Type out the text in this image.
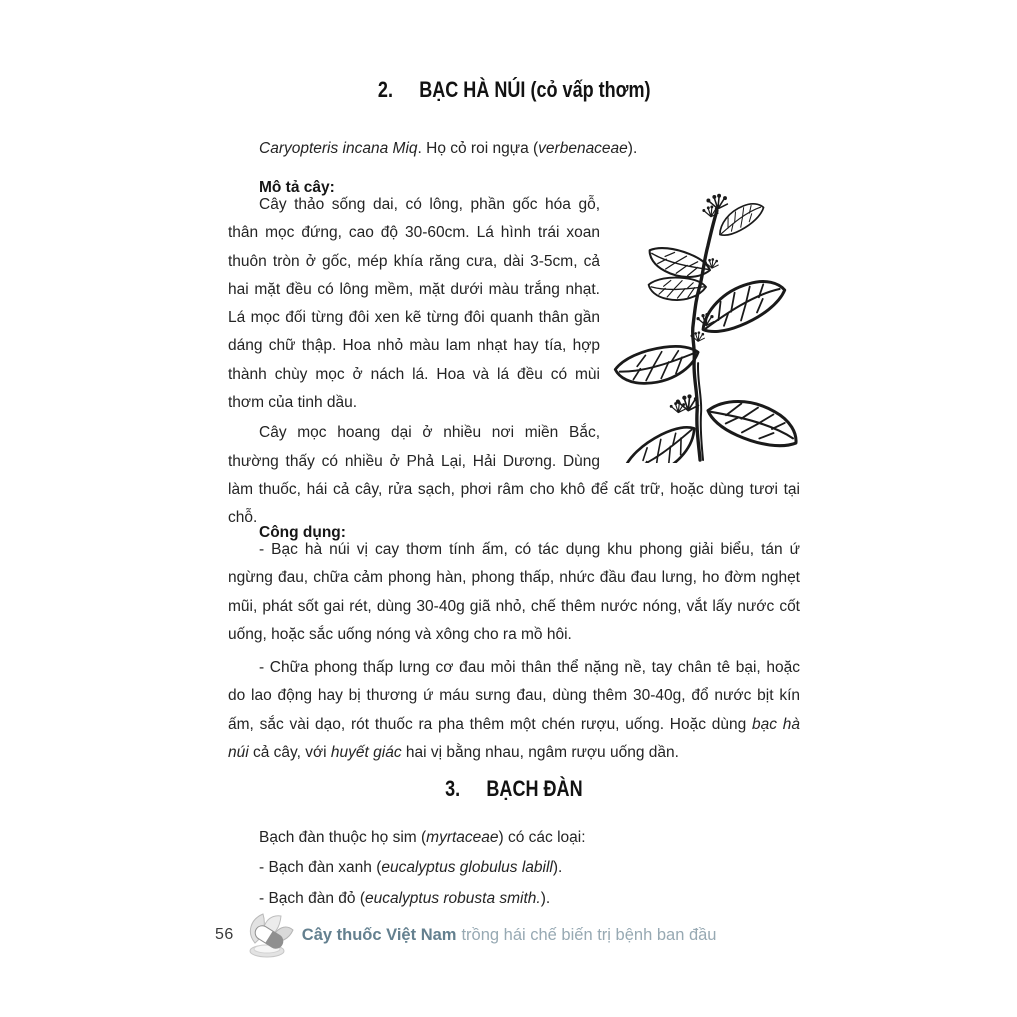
2. BẠC HÀ NÚI (cỏ vấp thơm)

Caryopteris incana Miq. Họ cỏ roi ngựa (verbenaceae).

Mô tả cây:

Cây thảo sống dai, có lông, phần gốc hóa gỗ, thân mọc đứng, cao độ 30-60cm. Lá hình trái xoan thuôn tròn ở gốc, mép khía răng cưa, dài 3-5cm, cả hai mặt đều có lông mềm, mặt dưới màu trắng nhạt. Lá mọc đối từng đôi xen kẽ từng đôi quanh thân gần dáng chữ thập. Hoa nhỏ màu lam nhạt hay tía, hợp thành chùy mọc ở nách lá. Hoa và lá đều có mùi thơm của tinh dầu.

Cây mọc hoang dại ở nhiều nơi miền Bắc, thường thấy có nhiều ở Phả Lại, Hải Dương. Dùng làm thuốc, hái cả cây, rửa sạch, phơi râm cho khô để cất trữ, hoặc dùng tươi tại chỗ.

Công dụng:

- Bạc hà núi vị cay thơm tính ấm, có tác dụng khu phong giải biểu, tán ứ ngừng đau, chữa cảm phong hàn, phong thấp, nhức đầu đau lưng, ho đờm nghẹt mũi, phát sốt gai rét, dùng 30-40g giã nhỏ, chế thêm nước nóng, vắt lấy nước cốt uống, hoặc sắc uống nóng và xông cho ra mồ hôi.

- Chữa phong thấp lưng cơ đau mỏi thân thể nặng nề, tay chân tê bại, hoặc do lao động hay bị thương ứ máu sưng đau, dùng thêm 30-40g, đổ nước bịt kín ấm, sắc vài dạo, rót thuốc ra pha thêm một chén rượu, uống. Hoặc dùng bạc hà núi cả cây, với huyết giác hai vị bằng nhau, ngâm rượu uống dần.

3. BẠCH ĐÀN

Bạch đàn thuộc họ sim (myrtaceae) có các loại:

- Bạch đàn xanh (eucalyptus globulus labill).

- Bạch đàn đỏ (eucalyptus robusta smith.).

56	Cây thuốc Việt Nam trồng hái chế biến trị bệnh ban đầu
